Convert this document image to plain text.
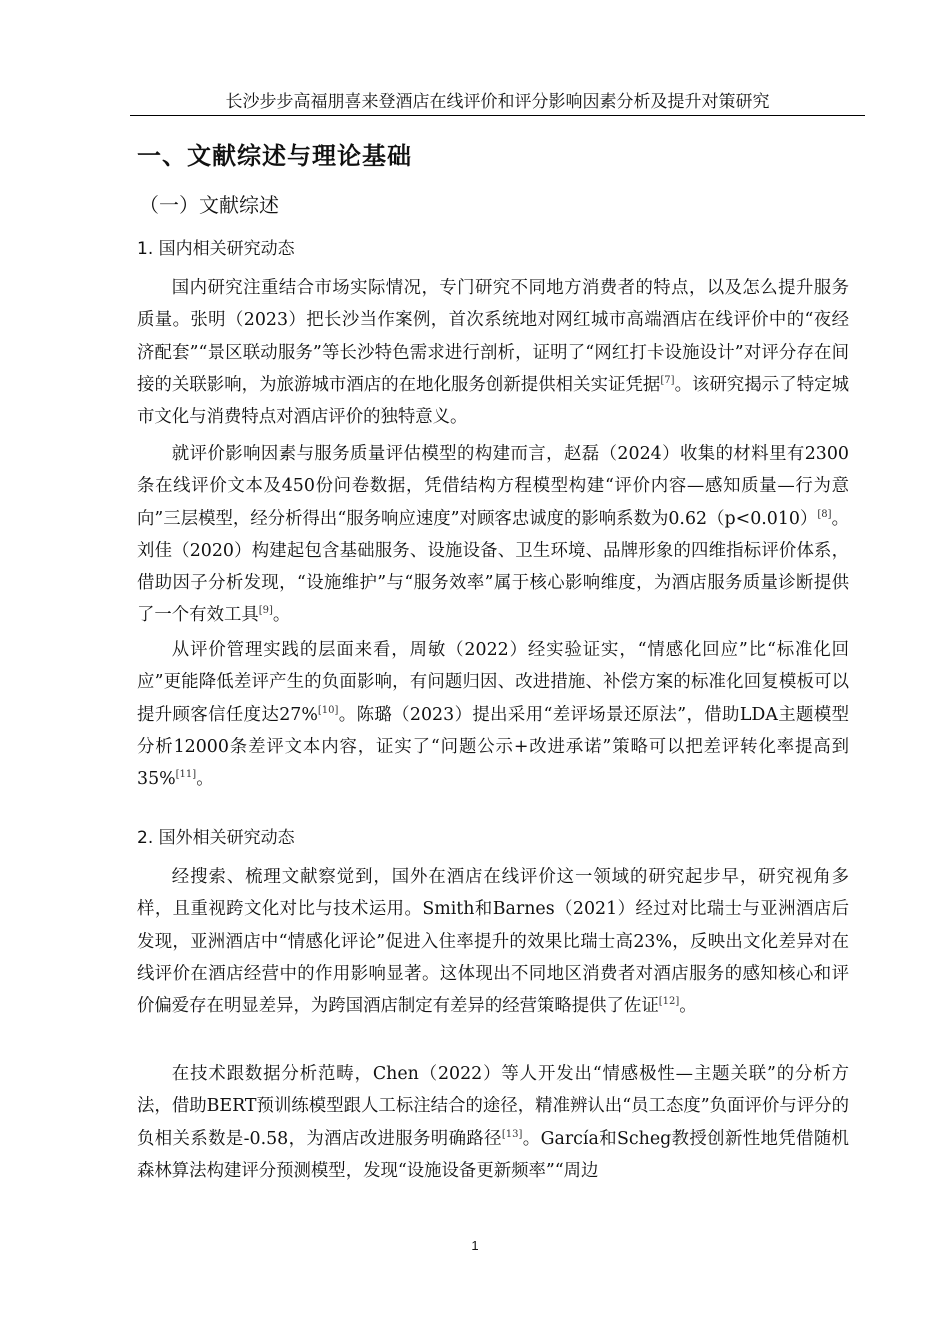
长沙步步高福朋喜来登酒店在线评价和评分影响因素分析及提升对策研究
一、文献综述与理论基础
（一）文献综述
1. 国内相关研究动态

国内研究注重结合市场实际情况，专门研究不同地方消费者的特点，以及怎么提升服务质量。张明（2023）把长沙当作案例，首次系统地对网红城市高端酒店在线评价中的“夜经济配套”“景区联动服务”等长沙特色需求进行剖析，证明了“网红打卡设施设计”对评分存在间接的关联影响，为旅游城市酒店的在地化服务创新提供相关实证凭据[7]。该研究揭示了特定城市文化与消费特点对酒店评价的独特意义。

就评价影响因素与服务质量评估模型的构建而言，赵磊（2024）收集的材料里有2300条在线评价文本及450份问卷数据，凭借结构方程模型构建“评价内容—感知质量—行为意向”三层模型，经分析得出“服务响应速度”对顾客忠诚度的影响系数为0.62（p<0.010）[8]。刘佳（2020）构建起包含基础服务、设施设备、卫生环境、品牌形象的四维指标评价体系，借助因子分析发现，“设施维护”与“服务效率”属于核心影响维度，为酒店服务质量诊断提供了一个有效工具[9]。

从评价管理实践的层面来看，周敏（2022）经实验证实，“情感化回应”比“标准化回应”更能降低差评产生的负面影响，有问题归因、改进措施、补偿方案的标准化回复模板可以提升顾客信任度达27%[10]。陈璐（2023）提出采用“差评场景还原法”，借助LDA主题模型分析12000条差评文本内容，证实了“问题公示+改进承诺”策略可以把差评转化率提高到35%[11]。

2. 国外相关研究动态

经搜索、梳理文献察觉到，国外在酒店在线评价这一领域的研究起步早，研究视角多样，且重视跨文化对比与技术运用。Smith和Barnes（2021）经过对比瑞士与亚洲酒店后发现，亚洲酒店中“情感化评论”促进入住率提升的效果比瑞士高23%，反映出文化差异对在线评价在酒店经营中的作用影响显著。这体现出不同地区消费者对酒店服务的感知核心和评价偏爱存在明显差异，为跨国酒店制定有差异的经营策略提供了佐证[12]。

在技术跟数据分析范畴，Chen（2022）等人开发出“情感极性—主题关联”的分析方法，借助BERT预训练模型跟人工标注结合的途径，精准辨认出“员工态度”负面评价与评分的负相关系数是-0.58，为酒店改进服务明确路径[13]。García和Scheg教授创新性地凭借随机森林算法构建评分预测模型，发现“设施设备更新频率”“周边

1
